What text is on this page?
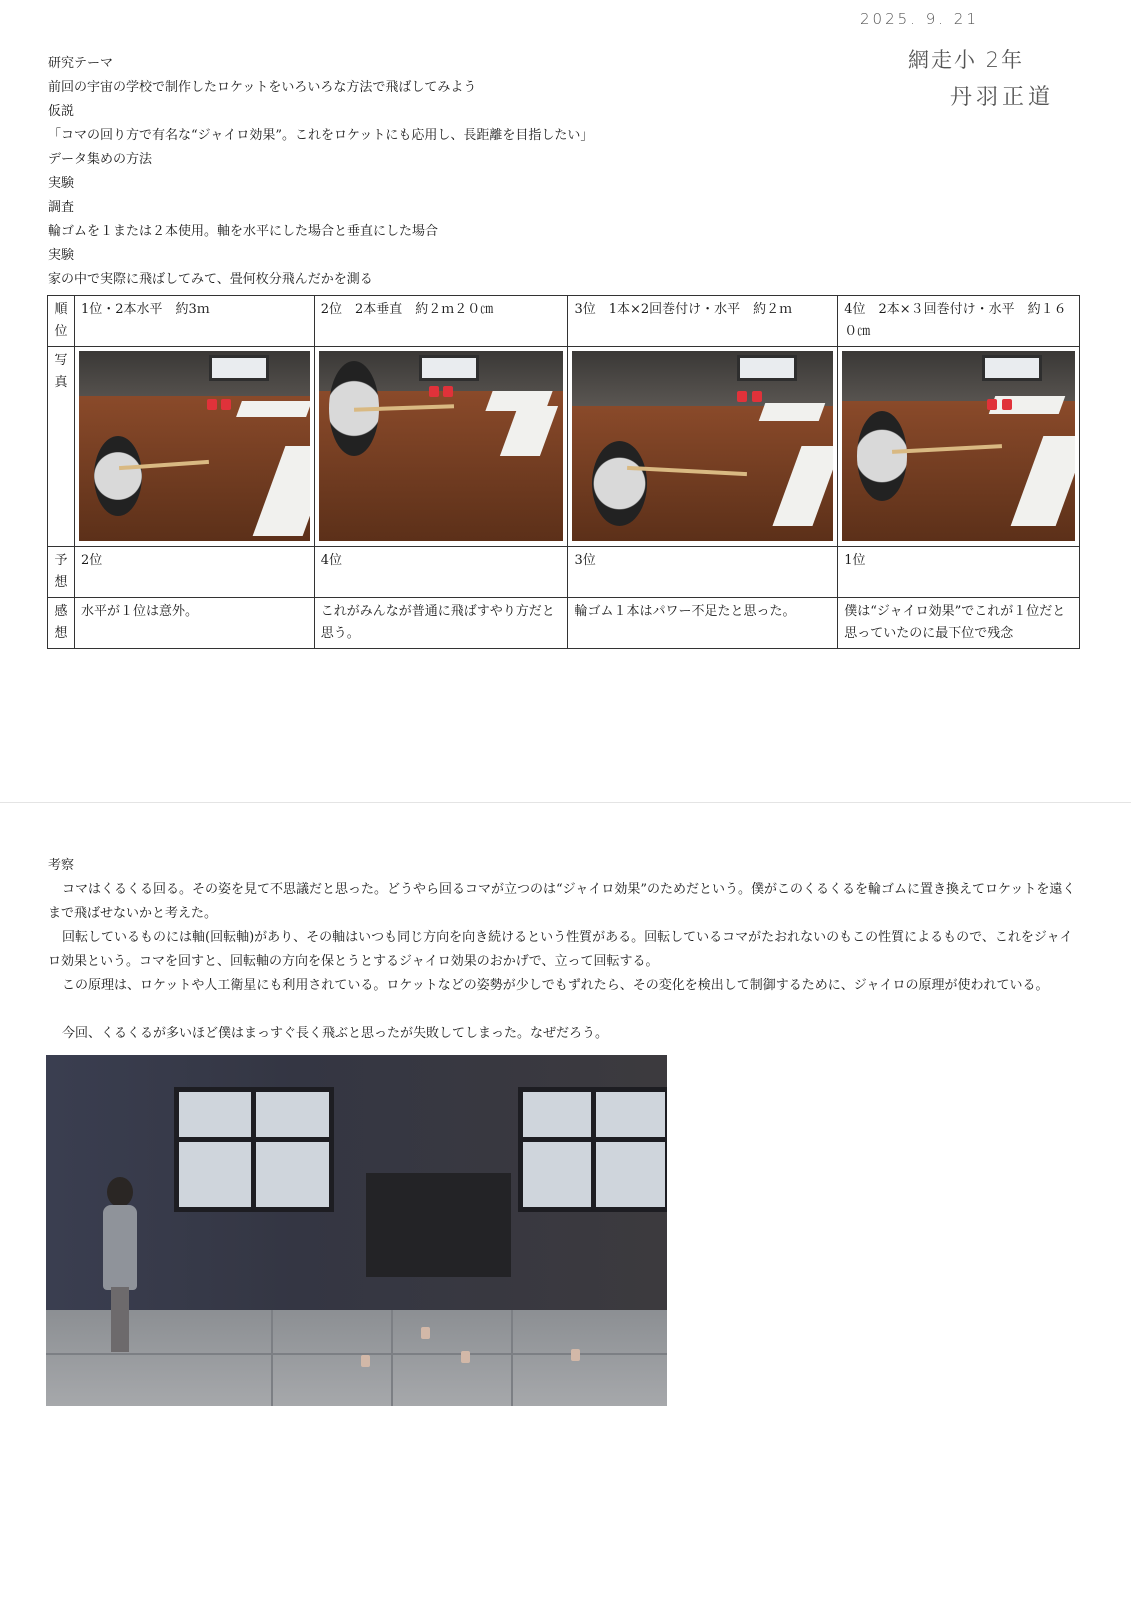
2025. 9. 21
網走小 2年
丹羽正道
研究テーマ
前回の宇宙の学校で制作したロケットをいろいろな方法で飛ばしてみよう
仮説
「コマの回り方で有名な“ジャイロ効果”。これをロケットにも応用し、長距離を目指したい」
データ集めの方法
実験
調査
輪ゴムを１または２本使用。軸を水平にした場合と垂直にした場合
実験
家の中で実際に飛ばしてみて、畳何枚分飛んだかを測る
順位	1位・2本水平　約3ｍ	2位　2本垂直　約２ｍ２０㎝	3位　1本×2回巻付け・水平　約２ｍ	4位　2本×３回巻付け・水平　約１６０㎝
写真	

予想	2位	4位	3位	1位
感想	水平が１位は意外。	これがみんなが普通に飛ばすやり方だと思う。	輪ゴム１本はパワー不足たと思った。	僕は“ジャイロ効果”でこれが１位だと思っていたのに最下位で残念
考察
コマはくるくる回る。その姿を見て不思議だと思った。どうやら回るコマが立つのは“ジャイロ効果”のためだという。僕がこのくるくるを輪ゴムに置き換えてロケットを遠くまで飛ばせないかと考えた。
回転しているものには軸(回転軸)があり、その軸はいつも同じ方向を向き続けるという性質がある。回転しているコマがたおれないのもこの性質によるもので、これをジャイロ効果という。コマを回すと、回転軸の方向を保とうとするジャイロ効果のおかげで、立って回転する。
この原理は、ロケットや人工衛星にも利用されている。ロケットなどの姿勢が少しでもずれたら、その変化を検出して制御するために、ジャイロの原理が使われている。
今回、くるくるが多いほど僕はまっすぐ長く飛ぶと思ったが失敗してしまった。なぜだろう。
